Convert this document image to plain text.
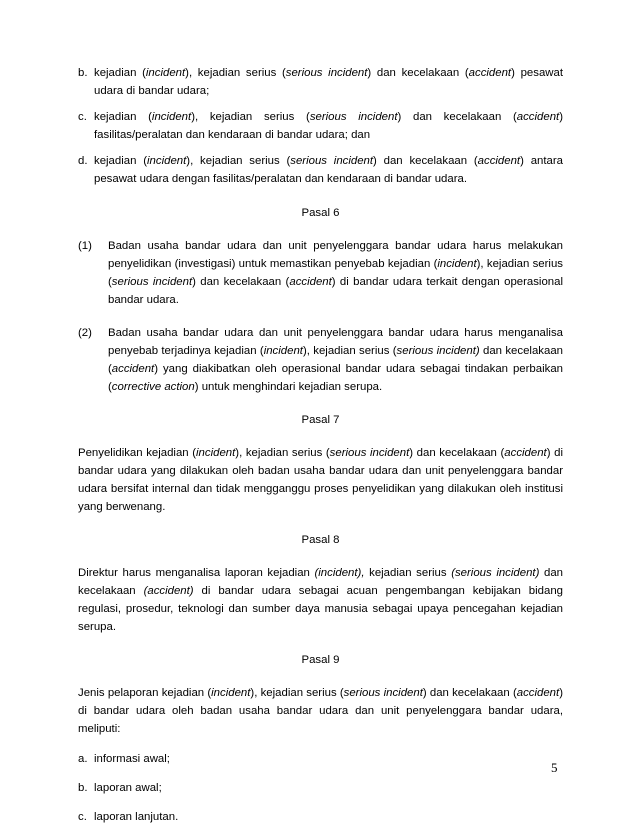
b. kejadian (incident), kejadian serius (serious incident) dan kecelakaan (accident) pesawat udara di bandar udara;
c. kejadian (incident), kejadian serius (serious incident) dan kecelakaan (accident) fasilitas/peralatan dan kendaraan di bandar udara; dan
d. kejadian (incident), kejadian serius (serious incident) dan kecelakaan (accident) antara pesawat udara dengan fasilitas/peralatan dan kendaraan di bandar udara.
Pasal 6
(1) Badan usaha bandar udara dan unit penyelenggara bandar udara harus melakukan penyelidikan (investigasi) untuk memastikan penyebab kejadian (incident), kejadian serius (serious incident) dan kecelakaan (accident) di bandar udara terkait dengan operasional bandar udara.
(2) Badan usaha bandar udara dan unit penyelenggara bandar udara harus menganalisa penyebab terjadinya kejadian (incident), kejadian serius (serious incident) dan kecelakaan (accident) yang diakibatkan oleh operasional bandar udara sebagai tindakan perbaikan (corrective action) untuk menghindari kejadian serupa.
Pasal 7
Penyelidikan kejadian (incident), kejadian serius (serious incident) dan kecelakaan (accident) di bandar udara yang dilakukan oleh badan usaha bandar udara dan unit penyelenggara bandar udara bersifat internal dan tidak mengganggu proses penyelidikan yang dilakukan oleh institusi yang berwenang.
Pasal 8
Direktur harus menganalisa laporan kejadian (incident), kejadian serius (serious incident) dan kecelakaan (accident) di bandar udara sebagai acuan pengembangan kebijakan bidang regulasi, prosedur, teknologi dan sumber daya manusia sebagai upaya pencegahan kejadian serupa.
Pasal 9
Jenis pelaporan kejadian (incident), kejadian serius (serious incident) dan kecelakaan (accident) di bandar udara oleh badan usaha bandar udara dan unit penyelenggara bandar udara, meliputi:
a. informasi awal;
b. laporan awal;
c. laporan lanjutan.
5
